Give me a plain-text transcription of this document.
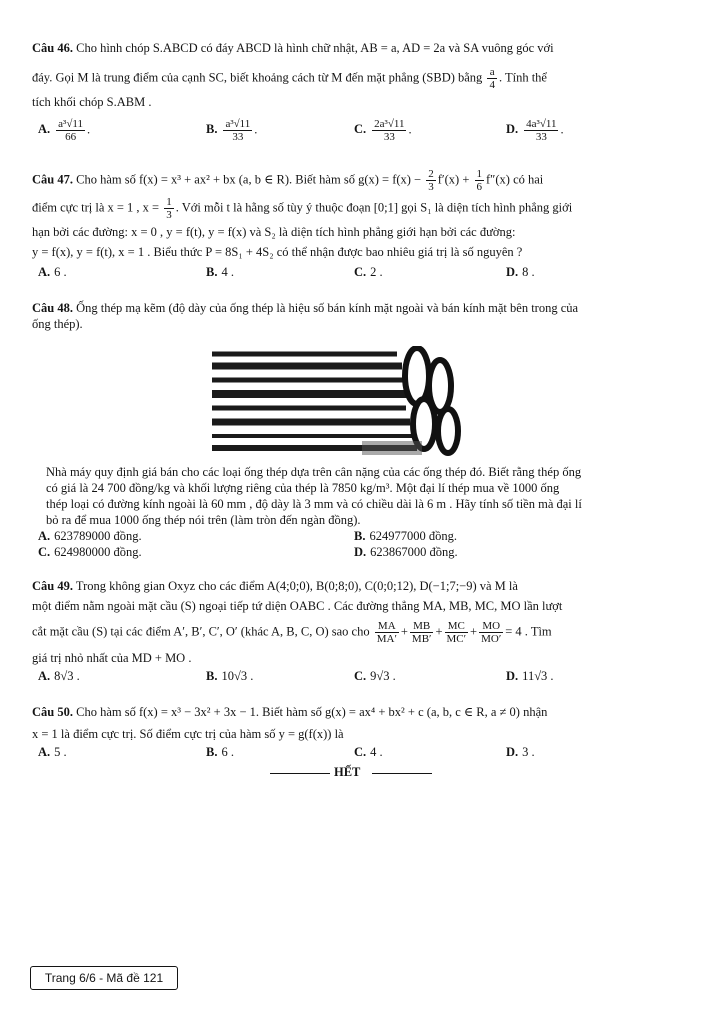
Câu 46. Cho hình chóp S.ABCD có đáy ABCD là hình chữ nhật, AB = a, AD = 2a và SA vuông góc với
đáy. Gọi M là trung điểm của cạnh SC, biết khoảng cách từ M đến mặt phẳng (SBD) bằng $\frac{a}{4}$ . Tính thể
tích khối chóp S.ABM .
A. $\frac{\text{a³√11}}{66}$ .	B. $\frac{\text{a³√11}}{33}$ .	C. $\frac{\text{2a³√11}}{33}$ .	D. $\frac{\text{4a³√11}}{33}$ .
Câu 47. Cho hàm số f(x) = x³ + ax² + bx (a, b ∈ R). Biết hàm số $g(x) = f(x) - \frac{2}{3} f'(x) + \frac{1}{6} f''(x)$ có hai
điểm cực trị là x = 1 , $x = \frac{1}{3}$ . Với mỗi t là hằng số tùy ý thuộc đoạn [0;1] gọi S₁ là diện tích hình phẳng giới
hạn bởi các đường: x = 0 , y = f(t), y = f(x) và S₂ là diện tích hình phẳng giới hạn bởi các đường:
y = f(x), y = f(t), x = 1 . Biểu thức P = 8S₁ + 4S₂ có thể nhận được bao nhiêu giá trị là số nguyên ?
A. 6 .	B. 4 .	C. 2 .	D. 8 .
Câu 48. Ống thép mạ kẽm (độ dày của ống thép là hiệu số bán kính mặt ngoài và bán kính mặt bên trong của
ống thép).
Nhà máy quy định giá bán cho các loại ống thép dựa trên cân nặng của các ống thép đó. Biết rằng thép ống
có giá là 24 700 đồng/kg và khối lượng riêng của thép là 7850 kg/m³. Một đại lí thép mua về 1000 ống
thép loại có đường kính ngoài là 60 mm , độ dày là 3 mm và có chiều dài là 6 m . Hãy tính số tiền mà đại lí
bỏ ra để mua 1000 ống thép nói trên (làm tròn đến ngàn đồng).
A. 623789000 đồng.	B. 624977000 đồng.
C. 624980000 đồng.	D. 623867000 đồng.
Câu 49. Trong không gian Oxyz cho các điểm A(4;0;0), B(0;8;0), C(0;0;12), D(−1;7;−9) và M là
một điểm nằm ngoài mặt cầu (S) ngoại tiếp tứ diện OABC . Các đường thẳng MA, MB, MC, MO lần lượt
cắt mặt cầu (S) tại các điểm A′, B′, C′, O′ (khác A, B, C, O) sao cho $\frac{MA}{MA'} + \frac{MB}{MB'} + \frac{MC}{MC'} + \frac{MO}{MO'} = 4$ . Tìm
giá trị nhỏ nhất của MD + MO .
A. 8√3 .	B. 10√3 .	C. 9√3 .	D. 11√3 .
Câu 50. Cho hàm số f(x) = x³ − 3x² + 3x − 1. Biết hàm số g(x) = ax⁴ + bx² + c (a, b, c ∈ R, a ≠ 0) nhận
x = 1 là điểm cực trị. Số điểm cực trị của hàm số y = g(f(x)) là
A. 5 .	B. 6 .	C. 4 .	D. 3 .
HẾT
Trang 6/6 - Mã đề 121
